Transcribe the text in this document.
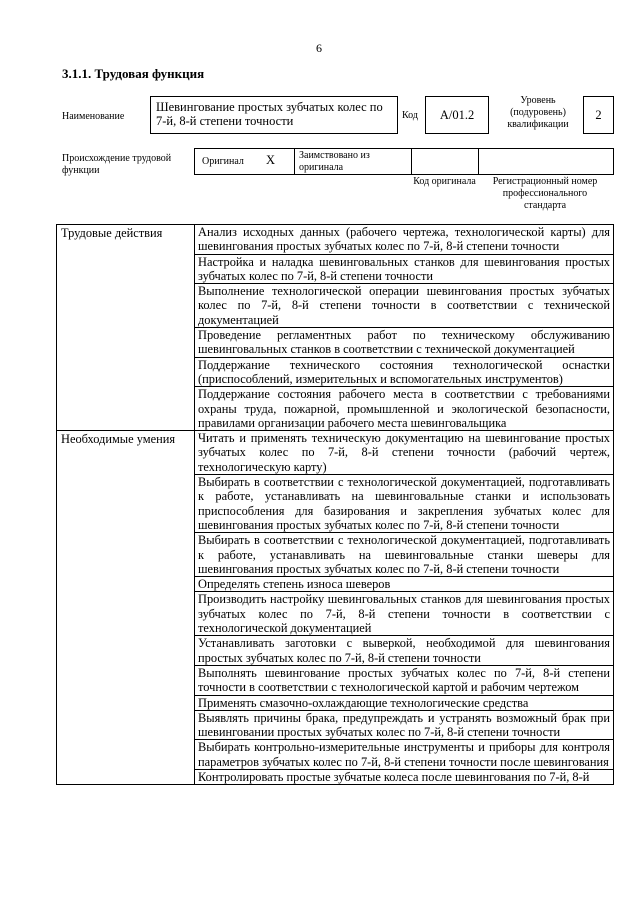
6
3.1.1. Трудовая функция
Наименование
Шевингование простых зубчатых колес по 7-й, 8-й степени точности	Код	A/01.2
Уровень (подуровень) квалификации
2
Происхождение трудовой функции
Оригинал X Заимствовано из оригинала
Код оригинала	Регистрационный номер профессионального стандарта
Трудовые действия	Анализ исходных данных (рабочего чертежа, технологической карты) для шевингования простых зубчатых колес по 7-й, 8-й степени точности
	Настройка и наладка шевинговальных станков для шевингования простых зубчатых колес по 7-й, 8-й степени точности
	Выполнение технологической операции шевингования простых зубчатых колес по 7-й, 8-й степени точности в соответствии с технической документацией
	Проведение регламентных работ по техническому обслуживанию шевинговальных станков в соответствии с технической документацией
	Поддержание технического состояния технологической оснастки (приспособлений, измерительных и вспомогательных инструментов)
	Поддержание состояния рабочего места в соответствии с требованиями охраны труда, пожарной, промышленной и экологической безопасности, правилами организации рабочего места шевинговальщика
Необходимые умения	Читать и применять техническую документацию на шевингование простых зубчатых колес по 7-й, 8-й степени точности (рабочий чертеж, технологическую карту)
	Выбирать в соответствии с технологической документацией, подготавливать к работе, устанавливать на шевинговальные станки и использовать приспособления для базирования и закрепления зубчатых колес для шевингования простых зубчатых колес по 7-й, 8-й степени точности
	Выбирать в соответствии с технологической документацией, подготавливать к работе, устанавливать на шевинговальные станки шеверы для шевингования простых зубчатых колес по 7-й, 8-й степени точности
	Определять степень износа шеверов
	Производить настройку шевинговальных станков для шевингования простых зубчатых колес по 7-й, 8-й степени точности в соответствии с технологической документацией
	Устанавливать заготовки с выверкой, необходимой для шевингования простых зубчатых колес по 7-й, 8-й степени точности
	Выполнять шевингование простых зубчатых колес по 7-й, 8-й степени точности в соответствии с технологической картой и рабочим чертежом
	Применять смазочно-охлаждающие технологические средства
	Выявлять причины брака, предупреждать и устранять возможный брак при шевинговании простых зубчатых колес по 7-й, 8-й степени точности
	Выбирать контрольно-измерительные инструменты и приборы для контроля параметров зубчатых колес по 7-й, 8-й степени точности после шевингования
	Контролировать простые зубчатые колеса после шевингования по 7-й, 8-й
